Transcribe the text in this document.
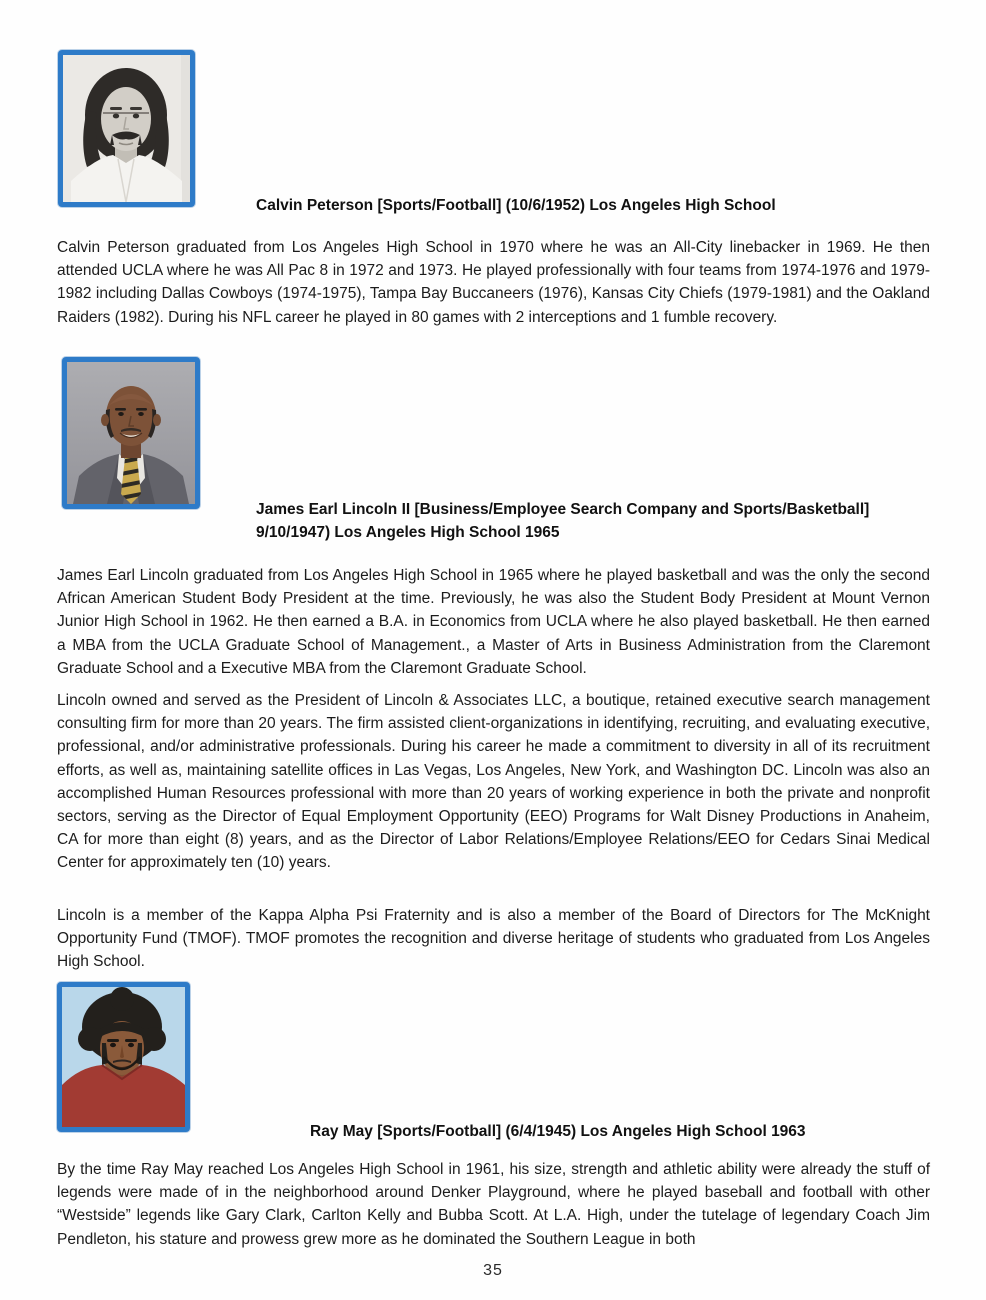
Calvin Peterson [Sports/Football] (10/6/1952) Los Angeles High School
Calvin Peterson graduated from Los Angeles High School in 1970 where he was an All-City linebacker in 1969. He then attended UCLA where he was All Pac 8 in 1972 and 1973. He played professionally with four teams from 1974-1976 and 1979-1982 including Dallas Cowboys (1974-1975), Tampa Bay Buccaneers (1976), Kansas City Chiefs (1979-1981) and the Oakland Raiders (1982). During his NFL career he played in 80 games with 2 interceptions and 1 fumble recovery.
James Earl Lincoln II [Business/Employee Search Company and Sports/Basketball]
9/10/1947) Los Angeles High School 1965
James Earl Lincoln graduated from Los Angeles High School in 1965 where he played basketball and was the only the second African American Student Body President at the time. Previously, he was also the Student Body President at Mount Vernon Junior High School in 1962. He then earned a B.A. in Economics from UCLA where he also played basketball. He then earned a MBA from the UCLA Graduate School of Management., a Master of Arts in Business Administration from the Claremont Graduate School and a Executive MBA from the Claremont Graduate School.
Lincoln owned and served as the President of Lincoln & Associates LLC, a boutique, retained executive search management consulting firm for more than 20 years. The firm assisted client-organizations in identifying, recruiting, and evaluating executive, professional, and/or administrative professionals. During his career he made a commitment to diversity in all of its recruitment efforts, as well as, maintaining satellite offices in Las Vegas, Los Angeles, New York, and Washington DC. Lincoln was also an accomplished Human Resources professional with more than 20 years of working experience in both the private and nonprofit sectors, serving as the Director of Equal Employment Opportunity (EEO) Programs for Walt Disney Productions in Anaheim, CA for more than eight (8) years, and as the Director of Labor Relations/Employee Relations/EEO for Cedars Sinai Medical Center for approximately ten (10) years.
Lincoln is a member of the Kappa Alpha Psi Fraternity and is also a member of the Board of Directors for The McKnight Opportunity Fund (TMOF). TMOF promotes the recognition and diverse heritage of students who graduated from Los Angeles High School.
Ray May [Sports/Football] (6/4/1945) Los Angeles High School 1963
By the time Ray May reached Los Angeles High School in 1961, his size, strength and athletic ability were already the stuff of legends were made of in the neighborhood around Denker Playground, where he played baseball and football with other “Westside” legends like Gary Clark, Carlton Kelly and Bubba Scott. At L.A. High, under the tutelage of legendary Coach Jim Pendleton, his stature and prowess grew more as he dominated the Southern League in both
35
